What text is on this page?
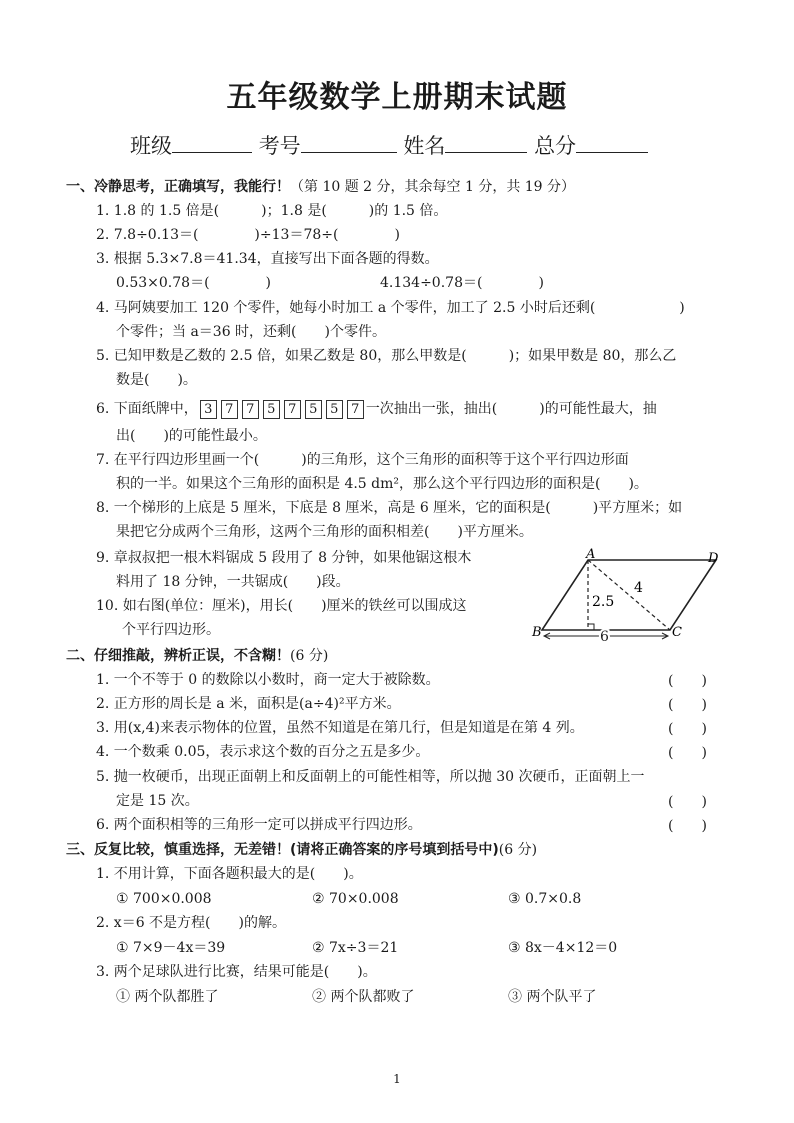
五年级数学上册期末试题
班级	考号	姓名	总分
一、冷静思考，正确填写，我能行！（第 10 题 2 分，其余每空 1 分，共 19 分）
1. 1.8 的 1.5 倍是(　　　)；1.8 是(　　　)的 1.5 倍。
2. 7.8÷0.13＝(　　　　)÷13＝78÷(　　　　)
3. 根据 5.3×7.8＝41.34，直接写出下面各题的得数。
0.53×0.78＝(　　　　)	4.134÷0.78＝(　　　　)
4. 马阿姨要加工 120 个零件，她每小时加工 a 个零件，加工了 2.5 小时后还剩(　　　　　　)
个零件；当 a＝36 时，还剩(　　)个零件。
5. 已知甲数是乙数的 2.5 倍，如果乙数是 80，那么甲数是(　　　)；如果甲数是 80，那么乙
数是(　　)。
6. 下面纸牌中， 3 7 7 5 7 5 5 7 一次抽出一张，抽出(　　　)的可能性最大，抽
出(　　)的可能性最小。
7. 在平行四边形里画一个(　　　)的三角形，这个三角形的面积等于这个平行四边形面
积的一半。如果这个三角形的面积是 4.5 dm²，那么这个平行四边形的面积是(　　)。
8. 一个梯形的上底是 5 厘米，下底是 8 厘米，高是 6 厘米，它的面积是(　　　)平方厘米；如
果把它分成两个三角形，这两个三角形的面积相差(　　)平方厘米。
9. 章叔叔把一根木料锯成 5 段用了 8 分钟，如果他锯这根木
料用了 18 分钟，一共锯成(　　)段。
10. 如右图(单位：厘米)，用长(　　)厘米的铁丝可以围成这
个平行四边形。
A	D
B	C
2.5
4
6
二、仔细推敲，辨析正误，不含糊！(6 分)
1. 一个不等于 0 的数除以小数时，商一定大于被除数。	(　　)
2. 正方形的周长是 a 米，面积是(a÷4)²平方米。	(　　)
3. 用(x,4)来表示物体的位置，虽然不知道是在第几行，但是知道是在第 4 列。	(　　)
4. 一个数乘 0.05，表示求这个数的百分之五是多少。	(　　)
5. 抛一枚硬币，出现正面朝上和反面朝上的可能性相等，所以抛 30 次硬币，正面朝上一
定是 15 次。	(　　)
6. 两个面积相等的三角形一定可以拼成平行四边形。	(　　)
三、反复比较，慎重选择，无差错！(请将正确答案的序号填到括号中)(6 分)
1. 不用计算，下面各题积最大的是(　　)。
① 700×0.008	② 70×0.008	③ 0.7×0.8
2. x＝6 不是方程(　　)的解。
① 7×9－4x＝39	② 7x÷3＝21	③ 8x－4×12＝0
3. 两个足球队进行比赛，结果可能是(　　)。
① 两个队都胜了	② 两个队都败了	③ 两个队平了
1
